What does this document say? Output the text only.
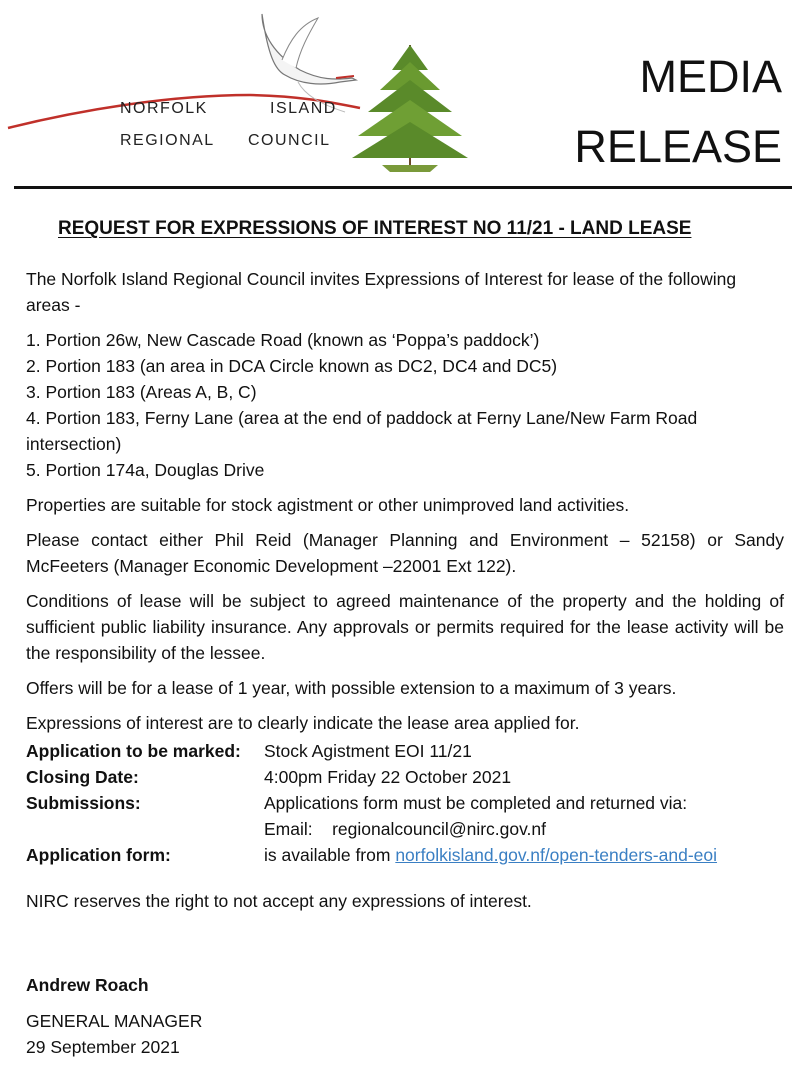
NORFOLK	ISLAND
REGIONAL COUNCIL
MEDIA
RELEASE
REQUEST FOR EXPRESSIONS OF INTEREST NO 11/21 - LAND LEASE

The Norfolk Island Regional Council invites Expressions of Interest for lease of the following areas -

1. Portion 26w, New Cascade Road (known as ‘Poppa’s paddock’)
2. Portion 183 (an area in DCA Circle known as DC2, DC4 and DC5)
3. Portion 183 (Areas A, B, C)
4. Portion 183, Ferny Lane (area at the end of paddock at Ferny Lane/New Farm Road intersection)
5. Portion 174a, Douglas Drive

Properties are suitable for stock agistment or other unimproved land activities.

Please contact either Phil Reid (Manager Planning and Environment – 52158) or Sandy McFeeters (Manager Economic Development –22001 Ext 122).

Conditions of lease will be subject to agreed maintenance of the property and the holding of sufficient public liability insurance. Any approvals or permits required for the lease activity will be the responsibility of the lessee.

Offers will be for a lease of 1 year, with possible extension to a maximum of 3 years.

Expressions of interest are to clearly indicate the lease area applied for.

Application to be marked:	Stock Agistment EOI 11/21
Closing Date:	4:00pm Friday 22 October 2021
Submissions:	Applications form must be completed and returned via:
Email: regionalcouncil@nirc.gov.nf
Application form:	is available from norfolkisland.gov.nf/open-tenders-and-eoi
NIRC reserves the right to not accept any expressions of interest.
Andrew Roach
GENERAL MANAGER
29 September 2021
